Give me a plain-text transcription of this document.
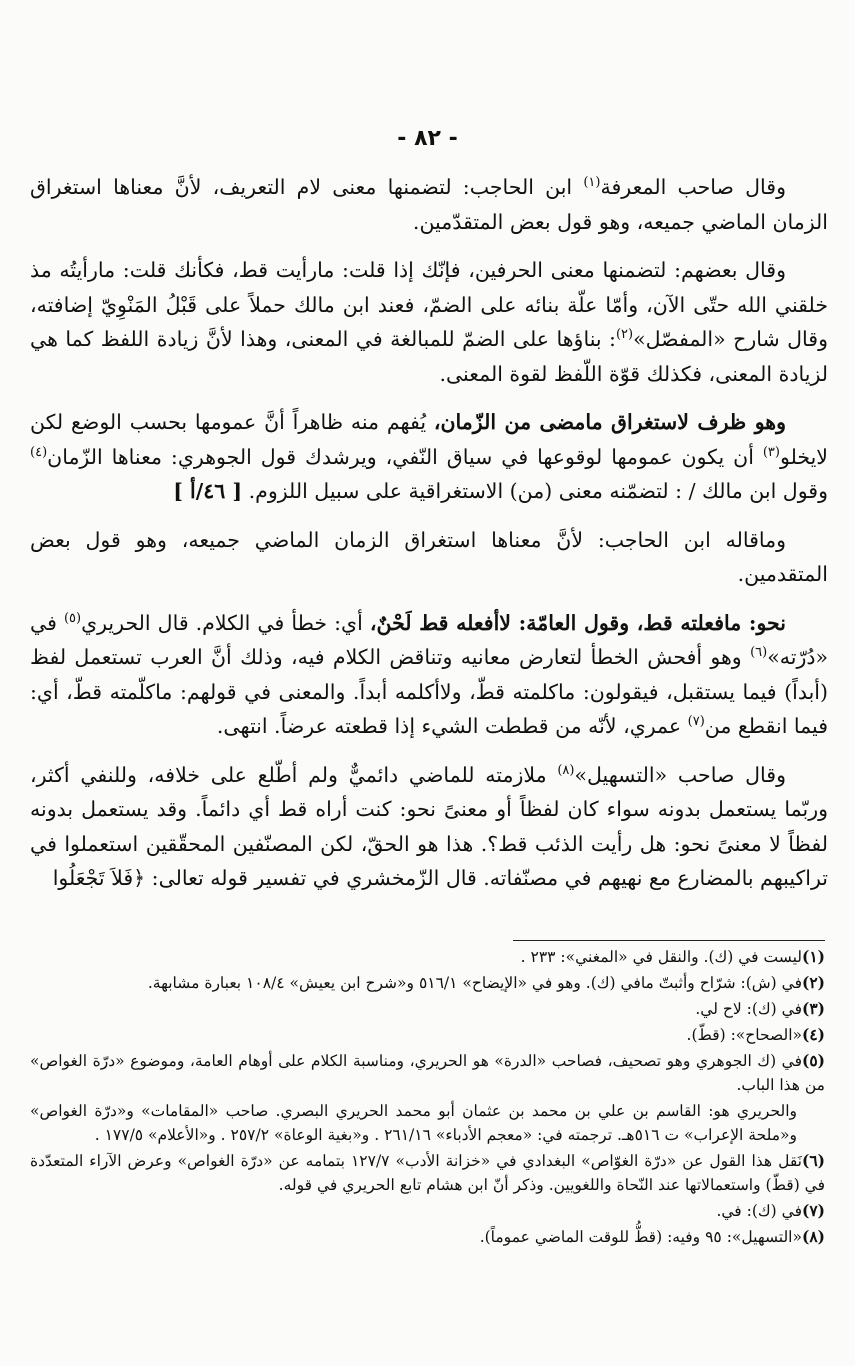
- ٨٢ -

وقال صاحب المعرفة$^{(١)}$ ابن الحاجب: لتضمنها معنى لام التعريف، لأنَّ معناها استغراق الزمان الماضي جميعه، وهو قول بعض المتقدّمين.

وقال بعضهم: لتضمنها معنى الحرفين، فإنّك إذا قلت: مارأيت قط، فكأنك قلت: مارأيتُه مذ خلقني الله حتّى الآن، وأمّا علّة بنائه على الضمّ، فعند ابن مالك حملاً على قَبْلُ المَنْوِيّ إضافته، وقال شارح «المفصّل»$^{(٢)}$: بناؤها على الضمّ للمبالغة في المعنى، وهذا لأنَّ زيادة اللفظ كما هي لزيادة المعنى، فكذلك قوّة اللّفظ لقوة المعنى.

وهو ظرف لاستغراق مامضى من الزّمان، يُفهم منه ظاهراً أنَّ عمومها بحسب الوضع لكن لايخلو$^{(٣)}$ أن يكون عمومها لوقوعها في سياق النّفي، ويرشدك قول الجوهري: معناها الزّمان$^{(٤)}$ وقول ابن مالك / : لتضمّنه معنى (من) الاستغراقية على سبيل اللزوم. [ ٤٦/أ ]

وماقاله ابن الحاجب: لأنَّ معناها استغراق الزمان الماضي جميعه، وهو قول بعض المتقدمين.

نحو: مافعلته قط، وقول العامّة: لاأفعله قط لَحْنٌ، أي: خطأ في الكلام. قال الحريري$^{(٥)}$ في «دُرّته»$^{(٦)}$ وهو أفحش الخطأ لتعارض معانيه وتناقض الكلام فيه، وذلك أنَّ العرب تستعمل لفظ (أبداً) فيما يستقبل، فيقولون: ماكلمته قطّ، ولاأكلمه أبداً. والمعنى في قولهم: ماكلّمته قطّ، أي: فيما انقطع من$^{(٧)}$ عمري، لأنّه من قططت الشيء إذا قطعته عرضاً. انتهى.

وقال صاحب «التسهيل»$^{(٨)}$ ملازمته للماضي دائميٌّ ولم أطّلع على خلافه، وللنفي أكثر، وربّما يستعمل بدونه سواء كان لفظاً أو معنىً نحو: كنت أراه قط أي دائماً. وقد يستعمل بدونه لفظاً لا معنىً نحو: هل رأيت الذئب قط؟. هذا هو الحقّ، لكن المصنّفين المحقّقين استعملوا في تراكيبهم بالمضارع مع نهيهم في مصنّفاته. قال الزّمخشري في تفسير قوله تعالى: ﴿فَلاَ تَجْعَلُوا

(١)ليست في (ك). والنقل في «المغني»: ٢٣٣ .
(٢)في (ش): شرّاح وأثبتّ مافي (ك). وهو في «الإيضاح» ٥١٦/١ و«شرح ابن يعيش» ١٠٨/٤ بعبارة مشابهة.
(٣)في (ك): لاح لي.
(٤)«الصحاح»: (قطّ).
(٥)في (ك الجوهري وهو تصحيف، فصاحب «الدرة» هو الحريري، ومناسبة الكلام على أوهام العامة، وموضوع «درّة الغواص» من هذا الباب.
والحريري هو: القاسم بن علي بن محمد بن عثمان أبو محمد الحريري البصري. صاحب «المقامات» و«درّة الغواص» و«ملحة الإعراب» ت ٥١٦هـ. ترجمته في: «معجم الأدباء» ٢٦١/١٦ . و«بغية الوعاة» ٢٥٧/٢ . و«الأعلام» ١٧٧/٥ .
(٦)نَقل هذا القول عن «درّة الغوّاص» البغدادي في «خزانة الأدب» ١٢٧/٧ بتمامه عن «درّة الغواص» وعرض الآراء المتعدّدة في (قطّ) واستعمالاتها عند النّحاة واللغويين. وذكر أنّ ابن هشام تابع الحريري في قوله.
(٧)في (ك): في.
(٨)«التسهيل»: ٩٥ وفيه: (قطُّ للوقت الماضي عموماً).
